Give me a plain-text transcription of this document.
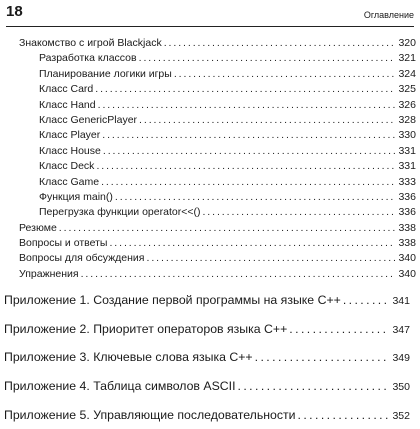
18	Оглавление
Знакомство с игрой Blackjack . . .	320
Разработка классов . . .	321
Планирование логики игры . . .	324
Класс Card . . .	325
Класс Hand . . .	326
Класс GenericPlayer . . .	328
Класс Player . . .	330
Класс House . . .	331
Класс Deck . . .	331
Класс Game . . .	333
Функция main() . . .	336
Перегрузка функции operator<<() . . .	336
Резюме . . .	338
Вопросы и ответы . . .	338
Вопросы для обсуждения . . .	340
Упражнения . . .	340
Приложение 1. Создание первой программы на языке C++ . . .	341
Приложение 2. Приоритет операторов языка C++ . . .	347
Приложение 3. Ключевые слова языка C++ . . .	349
Приложение 4. Таблица символов ASCII . . .	350
Приложение 5. Управляющие последовательности . . .	352
